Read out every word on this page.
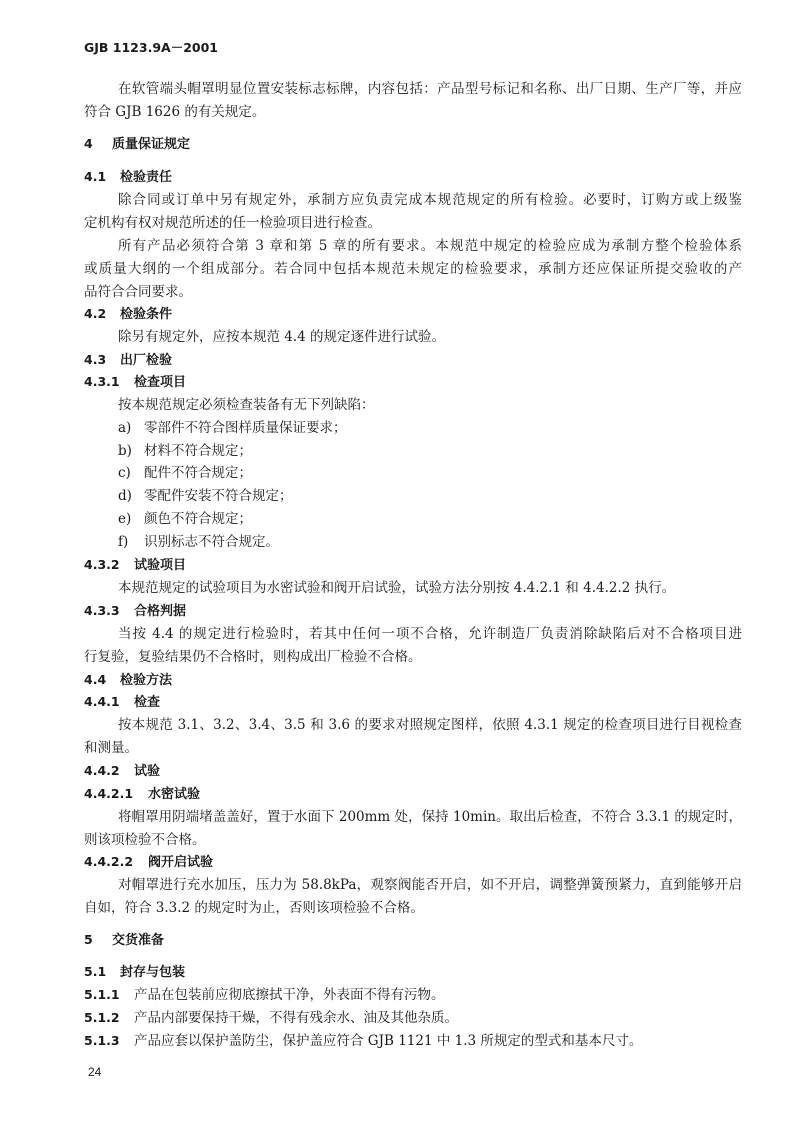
GJB 1123.9A－2001
在软管端头帽罩明显位置安装标志标牌，内容包括：产品型号标记和名称、出厂日期、生产厂等，并应
符合 GJB 1626 的有关规定。
4 质量保证规定
4.1 检验责任
除合同或订单中另有规定外，承制方应负责完成本规范规定的所有检验。必要时，订购方或上级鉴
定机构有权对规范所述的任一检验项目进行检查。
所有产品必须符合第 3 章和第 5 章的所有要求。本规范中规定的检验应成为承制方整个检验体系
或质量大纲的一个组成部分。若合同中包括本规范未规定的检验要求，承制方还应保证所提交验收的产
品符合合同要求。
4.2 检验条件
除另有规定外，应按本规范 4.4 的规定逐件进行试验。
4.3 出厂检验
4.3.1 检查项目
按本规范规定必须检查装备有无下列缺陷：
a) 零部件不符合图样质量保证要求；
b) 材料不符合规定；
c) 配件不符合规定；
d) 零配件安装不符合规定；
e) 颜色不符合规定；
f) 识别标志不符合规定。
4.3.2 试验项目
本规范规定的试验项目为水密试验和阀开启试验，试验方法分别按 4.4.2.1 和 4.4.2.2 执行。
4.3.3 合格判据
当按 4.4 的规定进行检验时，若其中任何一项不合格，允许制造厂负责消除缺陷后对不合格项目进
行复验，复验结果仍不合格时，则构成出厂检验不合格。
4.4 检验方法
4.4.1 检查
按本规范 3.1、3.2、3.4、3.5 和 3.6 的要求对照规定图样，依照 4.3.1 规定的检查项目进行目视检查
和测量。
4.4.2 试验
4.4.2.1 水密试验
将帽罩用阴端堵盖盖好，置于水面下 200mm 处，保持 10min。取出后检查，不符合 3.3.1 的规定时，
则该项检验不合格。
4.4.2.2 阀开启试验
对帽罩进行充水加压，压力为 58.8kPa，观察阀能否开启，如不开启，调整弹簧预紧力，直到能够开启
自如，符合 3.3.2 的规定时为止，否则该项检验不合格。
5 交货准备
5.1 封存与包装
5.1.1 产品在包装前应彻底擦拭干净，外表面不得有污物。
5.1.2 产品内部要保持干燥，不得有残余水、油及其他杂质。
5.1.3 产品应套以保护盖防尘，保护盖应符合 GJB 1121 中 1.3 所规定的型式和基本尺寸。
24
